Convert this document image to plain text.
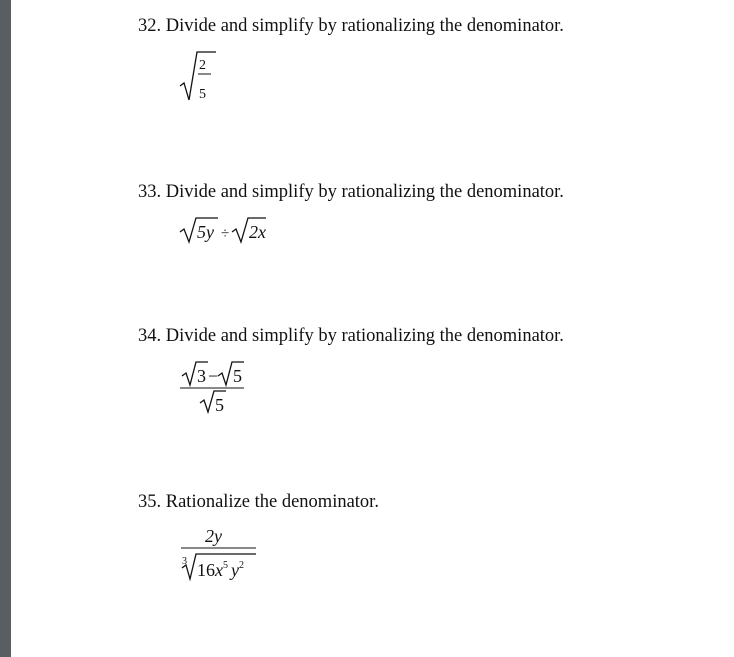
32. Divide and simplify by rationalizing the denominator.
2
5
33. Divide and simplify by rationalizing the denominator.
5y ÷ 2x
34. Divide and simplify by rationalizing the denominator.
3 − 5
5
35. Rationalize the denominator.
2y
3 $16x^5$ $y^2$
